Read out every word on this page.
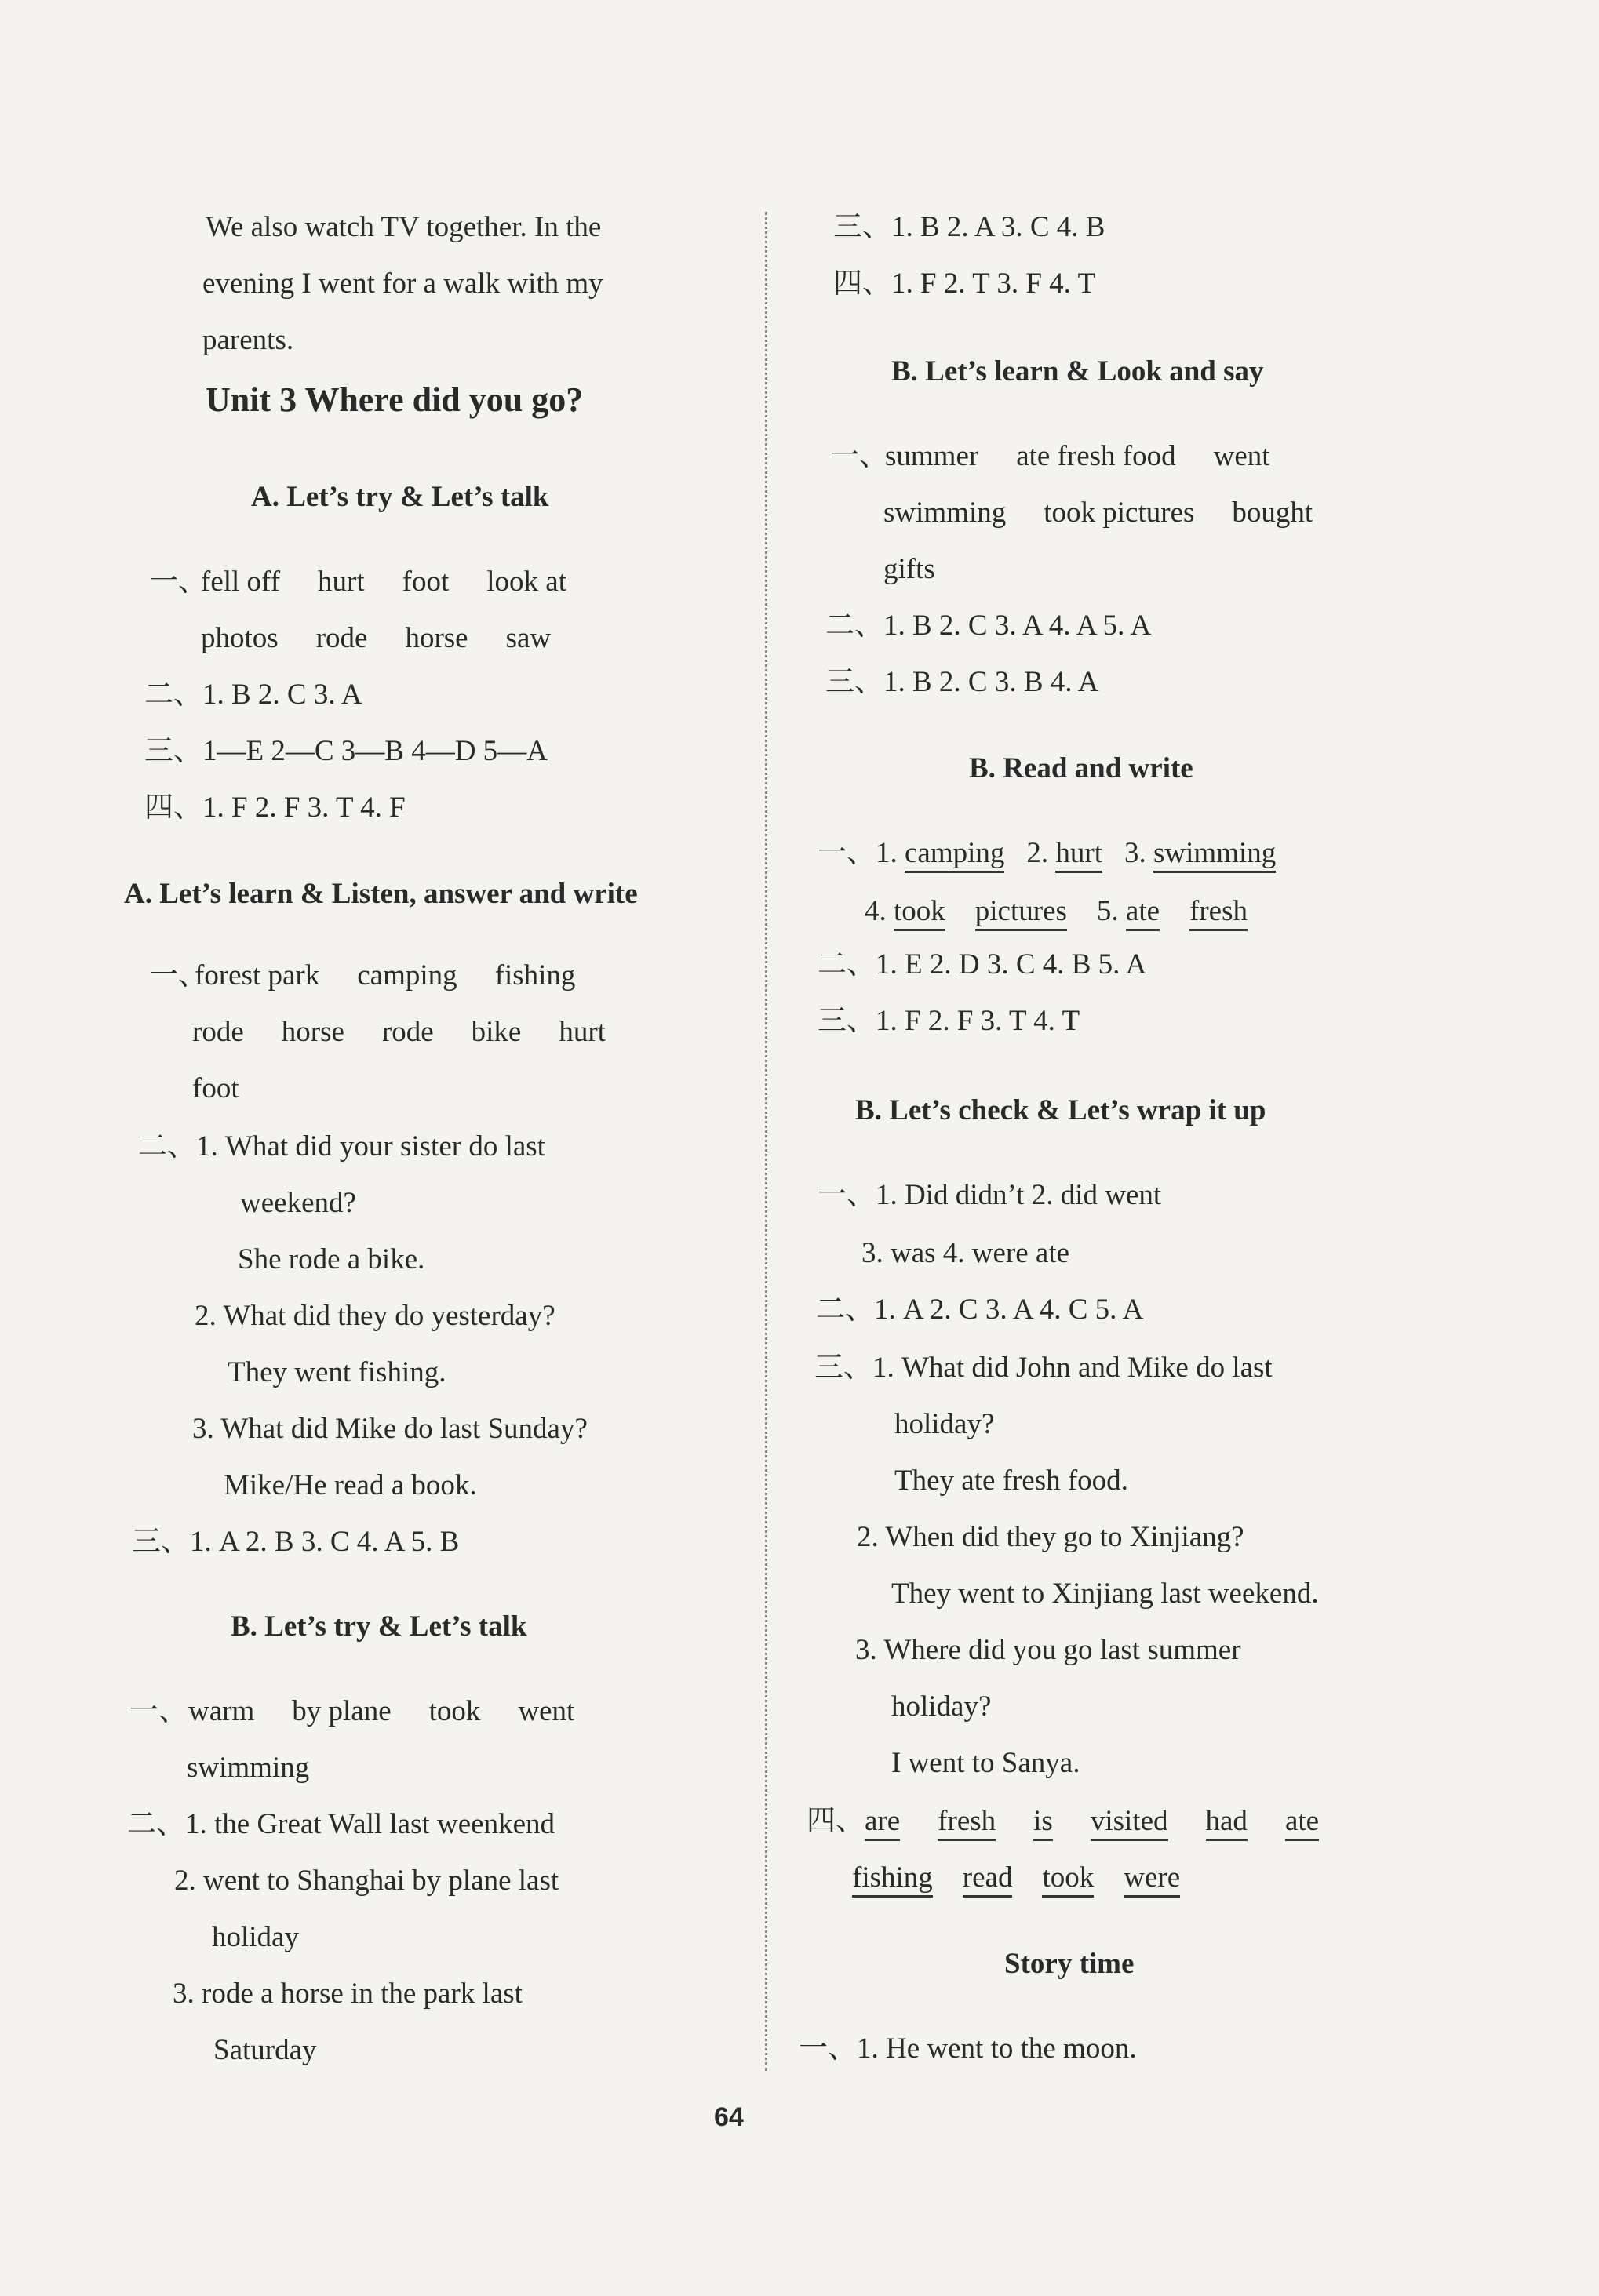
We also watch TV together. In the
evening I went for a walk with my
parents.
Unit 3 Where did you go?
A. Let’s try & Let’s talk
一、
fell off hurt foot look at
photos rode horse saw
二、1. B 2. C 3. A
三、1—E 2—C 3—B 4—D 5—A
四、1. F 2. F 3. T 4. F
A. Let’s learn & Listen, answer and write
一、
forest park camping fishing
rode horse rode bike hurt
foot
二、1. What did your sister do last
weekend?
She rode a bike.
2. What did they do yesterday?
They went fishing.
3. What did Mike do last Sunday?
Mike/He read a book.
三、1. A 2. B 3. C 4. A 5. B
B. Let’s try & Let’s talk
一、 warm by plane took went
swimming
二、1. the Great Wall last weenkend
2. went to Shanghai by plane last
holiday
3. rode a horse in the park last
Saturday
三、1. B 2. A 3. C 4. B
四、1. F 2. T 3. F 4. T
B. Let’s learn & Look and say
一、
summer ate fresh food went
swimming took pictures bought
gifts
二、1. B 2. C 3. A 4. A 5. A
三、1. B 2. C 3. B 4. A
B. Read and write
一、1. camping 2. hurt 3. swimming
4. took pictures 5. ate fresh
二、1. E 2. D 3. C 4. B 5. A
三、1. F 2. F 3. T 4. T
B. Let’s check & Let’s wrap it up
一、1. Did didn’t 2. did went
3. was 4. were ate
二、1. A 2. C 3. A 4. C 5. A
三、1. What did John and Mike do last
holiday?
They ate fresh food.
2. When did they go to Xinjiang?
They went to Xinjiang last weekend.
3. Where did you go last summer
holiday?
I went to Sanya.
四、are fresh is visited had ate
fishing read took were
Story time
一、1. He went to the moon.
64
